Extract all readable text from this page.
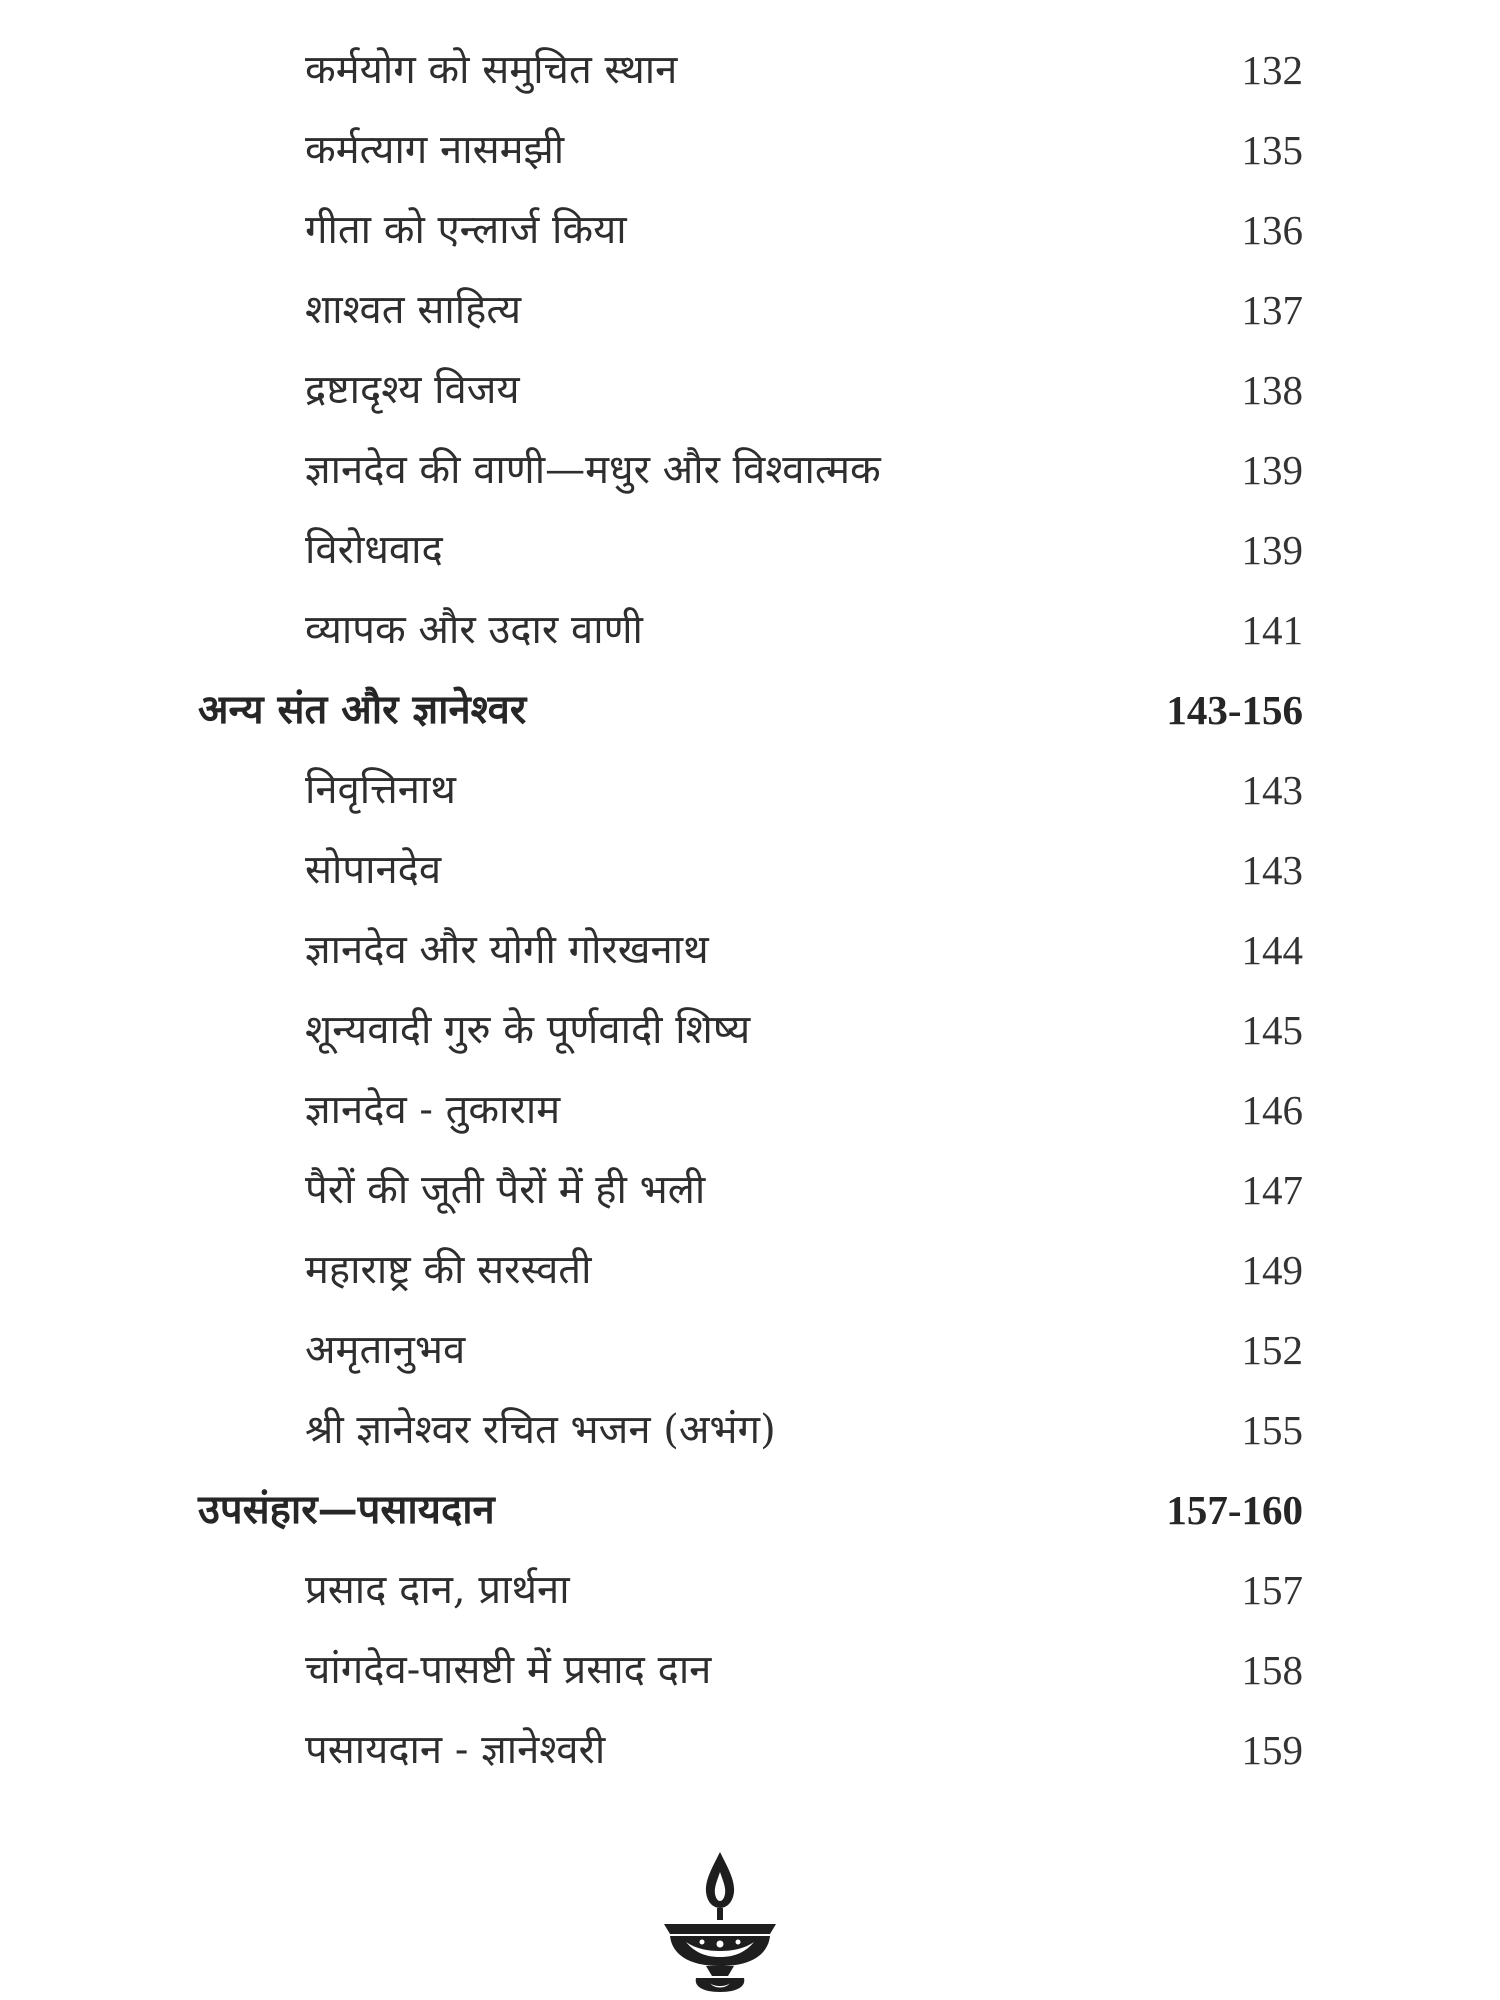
कर्मयोग को समुचित स्थान	132
कर्मत्याग नासमझी	135
गीता को एन्लार्ज किया	136
शाश्वत साहित्य	137
द्रष्टादृश्य विजय	138
ज्ञानदेव की वाणी—मधुर और विश्वात्मक	139
विरोधवाद	139
व्यापक और उदार वाणी	141
अन्य संत और ज्ञानेश्वर	143-156
निवृत्तिनाथ	143
सोपानदेव	143
ज्ञानदेव और योगी गोरखनाथ	144
शून्यवादी गुरु के पूर्णवादी शिष्य	145
ज्ञानदेव - तुकाराम	146
पैरों की जूती पैरों में ही भली	147
महाराष्ट्र की सरस्वती	149
अमृतानुभव	152
श्री ज्ञानेश्वर रचित भजन (अभंग)	155
उपसंहार—पसायदान	157-160
प्रसाद दान, प्रार्थना	157
चांगदेव-पासष्टी में प्रसाद दान	158
पसायदान - ज्ञानेश्वरी	159
